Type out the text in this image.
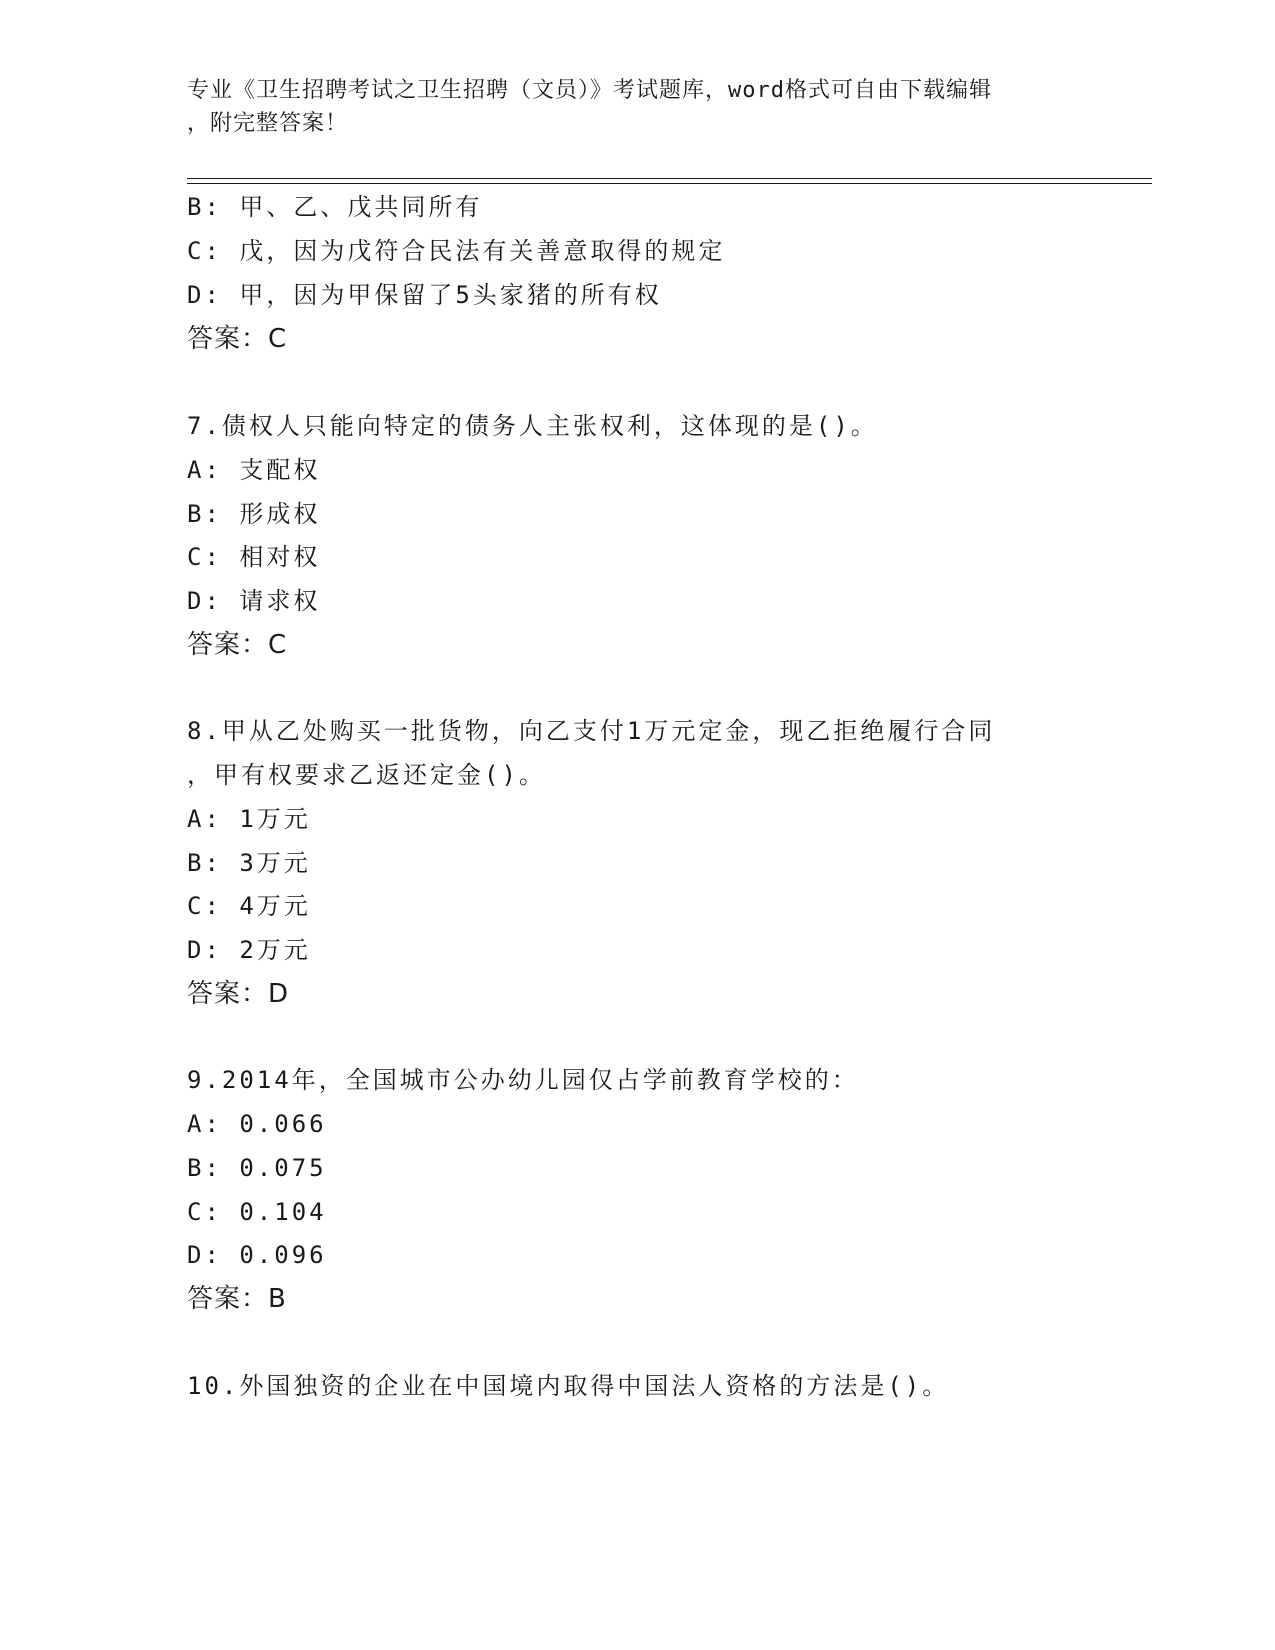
专业《卫生招聘考试之卫生招聘（文员）》考试题库，word格式可自由下载编辑
，附完整答案！
B: 甲、乙、戊共同所有
C: 戊，因为戊符合民法有关善意取得的规定
D: 甲，因为甲保留了5头家猪的所有权
答案：C
7.债权人只能向特定的债务人主张权利，这体现的是()。
A: 支配权
B: 形成权
C: 相对权
D: 请求权
答案：C
8.甲从乙处购买一批货物，向乙支付1万元定金，现乙拒绝履行合同
，甲有权要求乙返还定金()。
A: 1万元
B: 3万元
C: 4万元
D: 2万元
答案：D
9.2014年，全国城市公办幼儿园仅占学前教育学校的：
A: 0.066
B: 0.075
C: 0.104
D: 0.096
答案：B
10.外国独资的企业在中国境内取得中国法人资格的方法是()。
